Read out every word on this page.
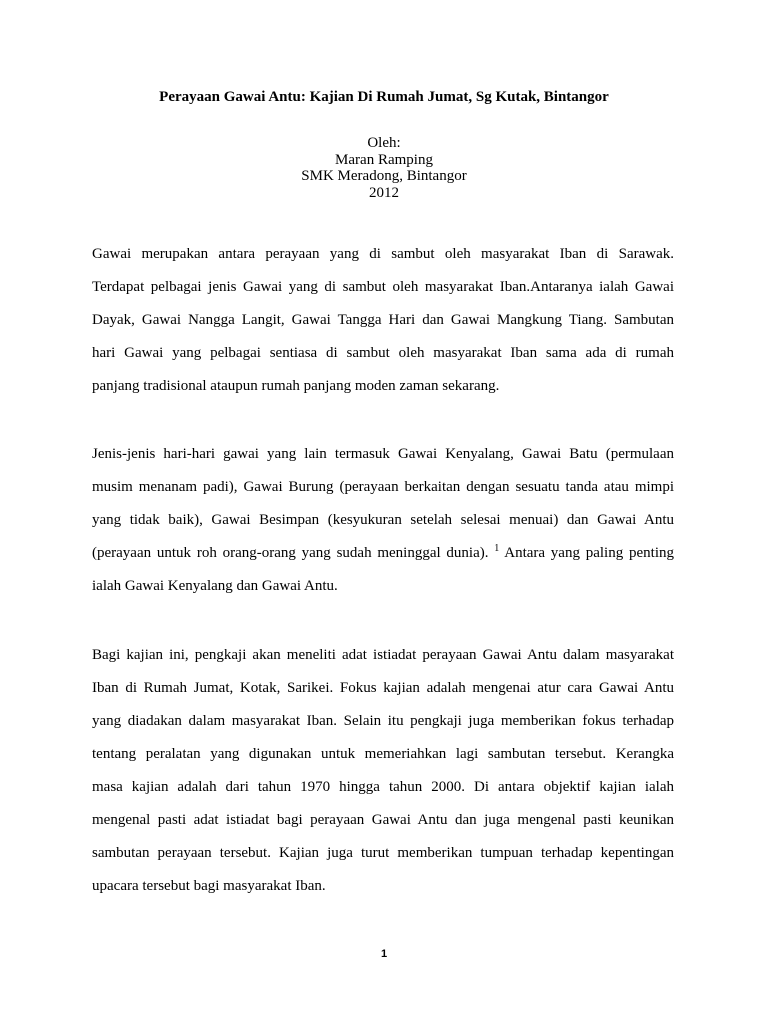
Perayaan Gawai Antu: Kajian Di Rumah Jumat, Sg Kutak, Bintangor
Oleh:
Maran Ramping
SMK Meradong, Bintangor
2012
Gawai merupakan antara perayaan yang di sambut oleh masyarakat Iban di Sarawak.
Terdapat pelbagai jenis Gawai yang di sambut oleh masyarakat Iban.Antaranya ialah Gawai
Dayak, Gawai Nangga Langit, Gawai Tangga Hari dan Gawai Mangkung Tiang. Sambutan
hari Gawai yang pelbagai sentiasa di sambut oleh masyarakat Iban sama ada di rumah
panjang tradisional ataupun rumah panjang moden zaman sekarang.
Jenis-jenis hari-hari gawai yang lain termasuk Gawai Kenyalang, Gawai Batu (permulaan
musim menanam padi), Gawai Burung (perayaan berkaitan dengan sesuatu tanda atau mimpi
yang tidak baik), Gawai Besimpan (kesyukuran setelah selesai menuai) dan Gawai Antu
(perayaan untuk roh orang-orang yang sudah meninggal dunia). $^1$ Antara yang paling penting
ialah Gawai Kenyalang dan Gawai Antu.
Bagi kajian ini, pengkaji akan meneliti adat istiadat perayaan Gawai Antu dalam masyarakat
Iban di Rumah Jumat, Kotak, Sarikei. Fokus kajian adalah mengenai atur cara Gawai Antu
yang diadakan dalam masyarakat Iban. Selain itu pengkaji juga memberikan fokus terhadap
tentang peralatan yang digunakan untuk memeriahkan lagi sambutan tersebut. Kerangka
masa kajian adalah dari tahun 1970 hingga tahun 2000. Di antara objektif kajian ialah
mengenal pasti adat istiadat bagi perayaan Gawai Antu dan juga mengenal pasti keunikan
sambutan perayaan tersebut. Kajian juga turut memberikan tumpuan terhadap kepentingan
upacara tersebut bagi masyarakat Iban.
1
